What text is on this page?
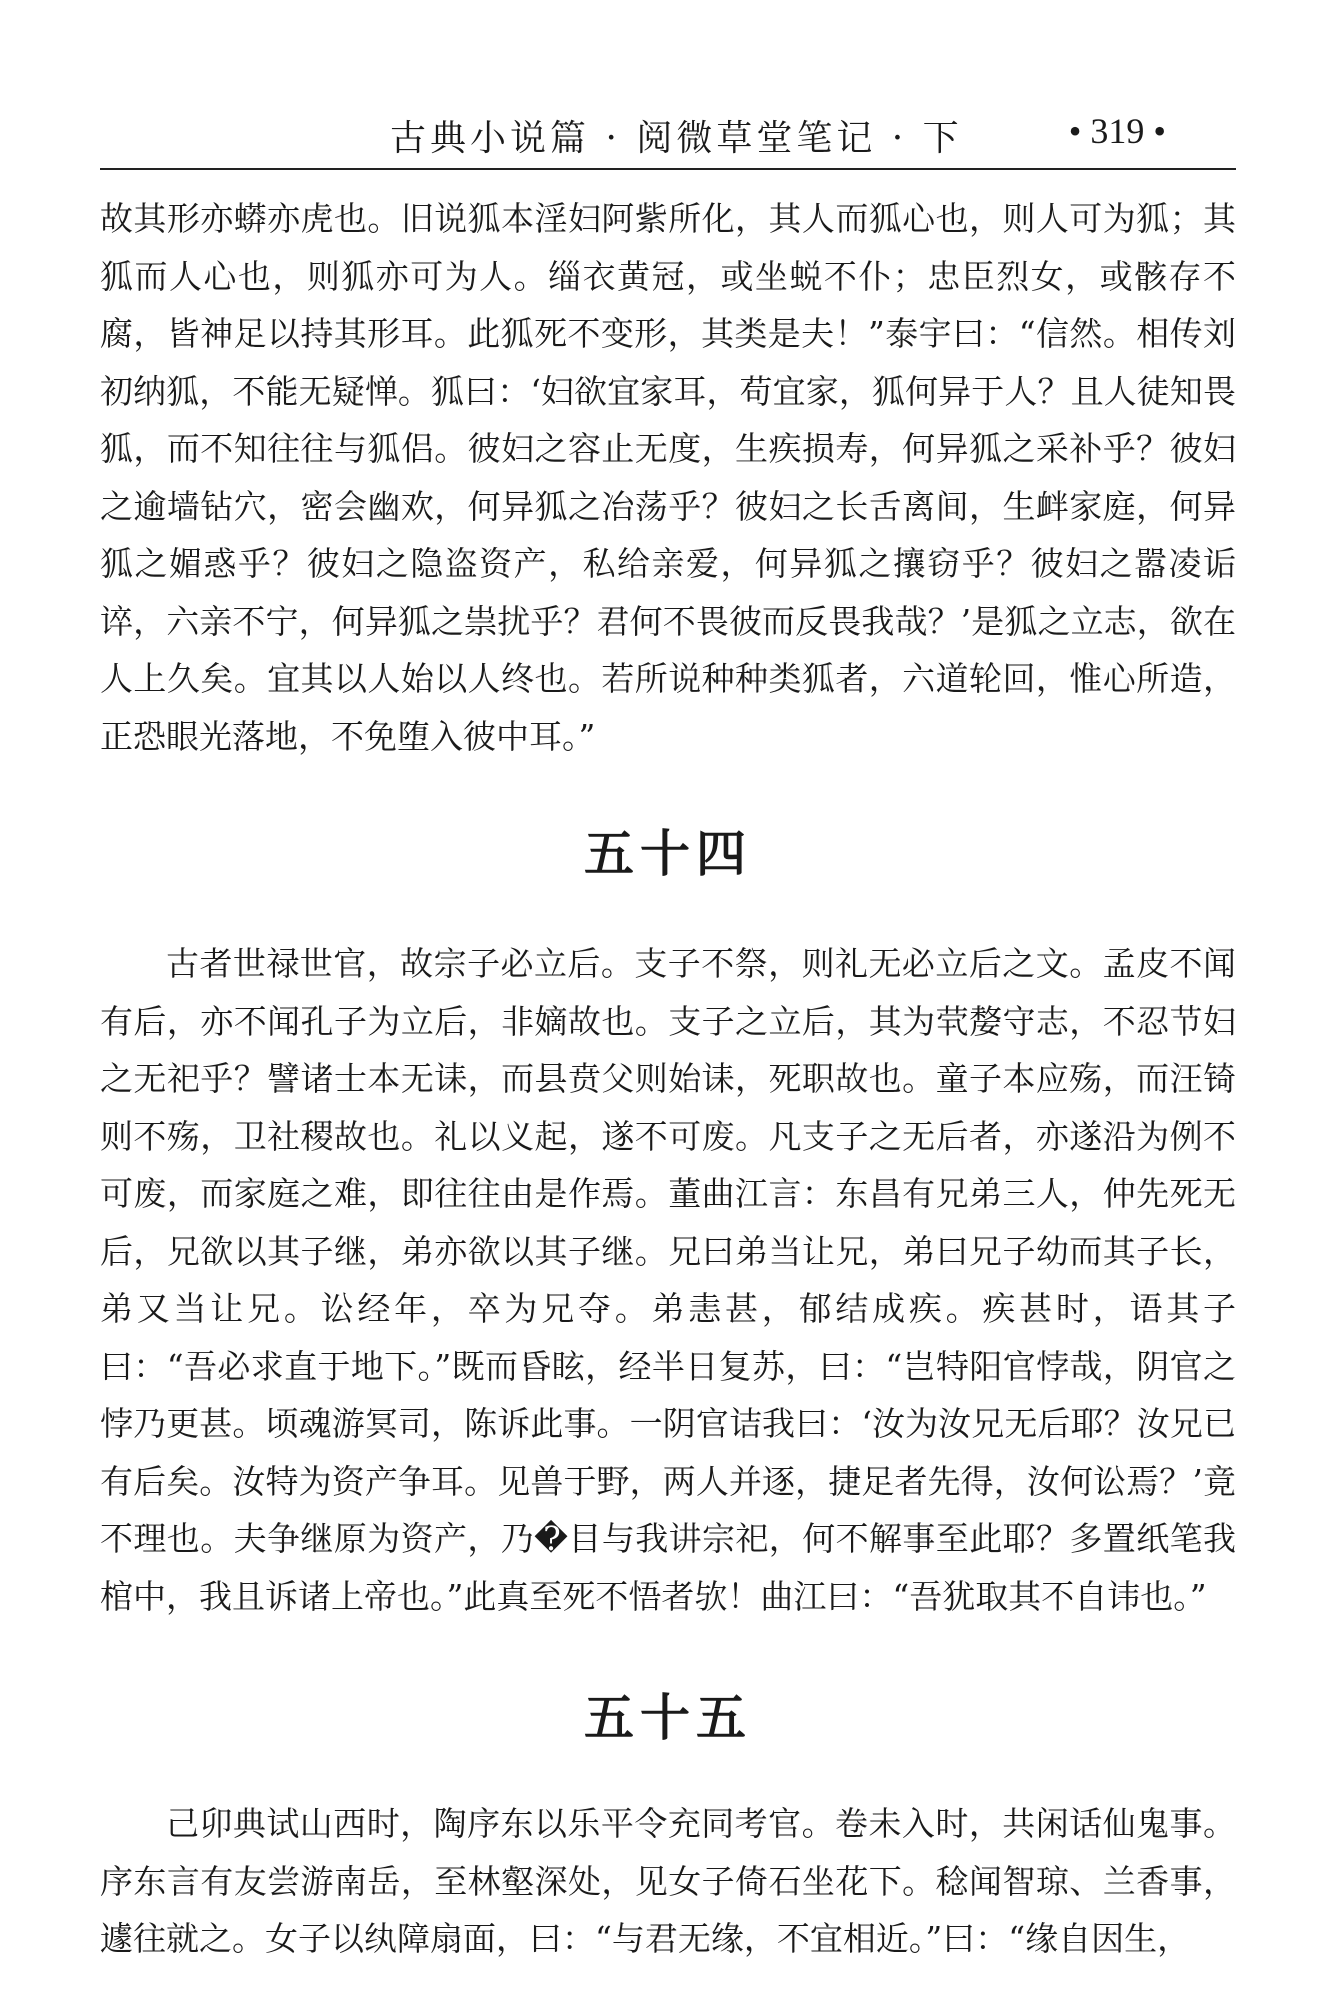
古典小说篇 · 阅微草堂笔记 · 下	• 319 •

故其形亦蟒亦虎也。旧说狐本淫妇阿紫所化，其人而狐心也，则人可为狐；其狐而人心也，则狐亦可为人。缁衣黄冠，或坐蜕不仆；忠臣烈女，或骸存不腐，皆神足以持其形耳。此狐死不变形，其类是夫！”泰宇曰：“信然。相传刘初纳狐，不能无疑惮。狐曰：‘妇欲宜家耳，苟宜家，狐何异于人？且人徒知畏狐，而不知往往与狐侣。彼妇之容止无度，生疾损寿，何异狐之采补乎？彼妇之逾墙钻穴，密会幽欢，何异狐之冶荡乎？彼妇之长舌离间，生衅家庭，何异狐之媚惑乎？彼妇之隐盗资产，私给亲爱，何异狐之攘窃乎？彼妇之嚣凌诟谇，六亲不宁，何异狐之祟扰乎？君何不畏彼而反畏我哉？’是狐之立志，欲在人上久矣。宜其以人始以人终也。若所说种种类狐者，六道轮回，惟心所造，正恐眼光落地，不免堕入彼中耳。”

五十四

古者世禄世官，故宗子必立后。支子不祭，则礼无必立后之文。孟皮不闻有后，亦不闻孔子为立后，非嫡故也。支子之立后，其为茕嫠守志，不忍节妇之无祀乎？譬诸士本无诔，而县贲父则始诔，死职故也。童子本应殇，而汪锜则不殇，卫社稷故也。礼以义起，遂不可废。凡支子之无后者，亦遂沿为例不可废，而家庭之难，即往往由是作焉。董曲江言：东昌有兄弟三人，仲先死无后，兄欲以其子继，弟亦欲以其子继。兄曰弟当让兄，弟曰兄子幼而其子长，弟又当让兄。讼经年，卒为兄夺。弟恚甚，郁结成疾。疾甚时，语其子曰：“吾必求直于地下。”既而昏眩，经半日复苏，曰：“岂特阳官悖哉，阴官之悖乃更甚。顷魂游冥司，陈诉此事。一阴官诘我曰：‘汝为汝兄无后耶？汝兄已有后矣。汝特为资产争耳。见兽于野，两人并逐，捷足者先得，汝何讼焉？’竟不理也。夫争继原为资产，乃�目与我讲宗祀，何不解事至此耶？多置纸笔我棺中，我且诉诸上帝也。”此真至死不悟者欤！曲江曰：“吾犹取其不自讳也。”

五十五

己卯典试山西时，陶序东以乐平令充同考官。卷未入时，共闲话仙鬼事。序东言有友尝游南岳，至林壑深处，见女子倚石坐花下。稔闻智琼、兰香事，遽往就之。女子以纨障扇面，曰：“与君无缘，不宜相近。”曰：“缘自因生，
